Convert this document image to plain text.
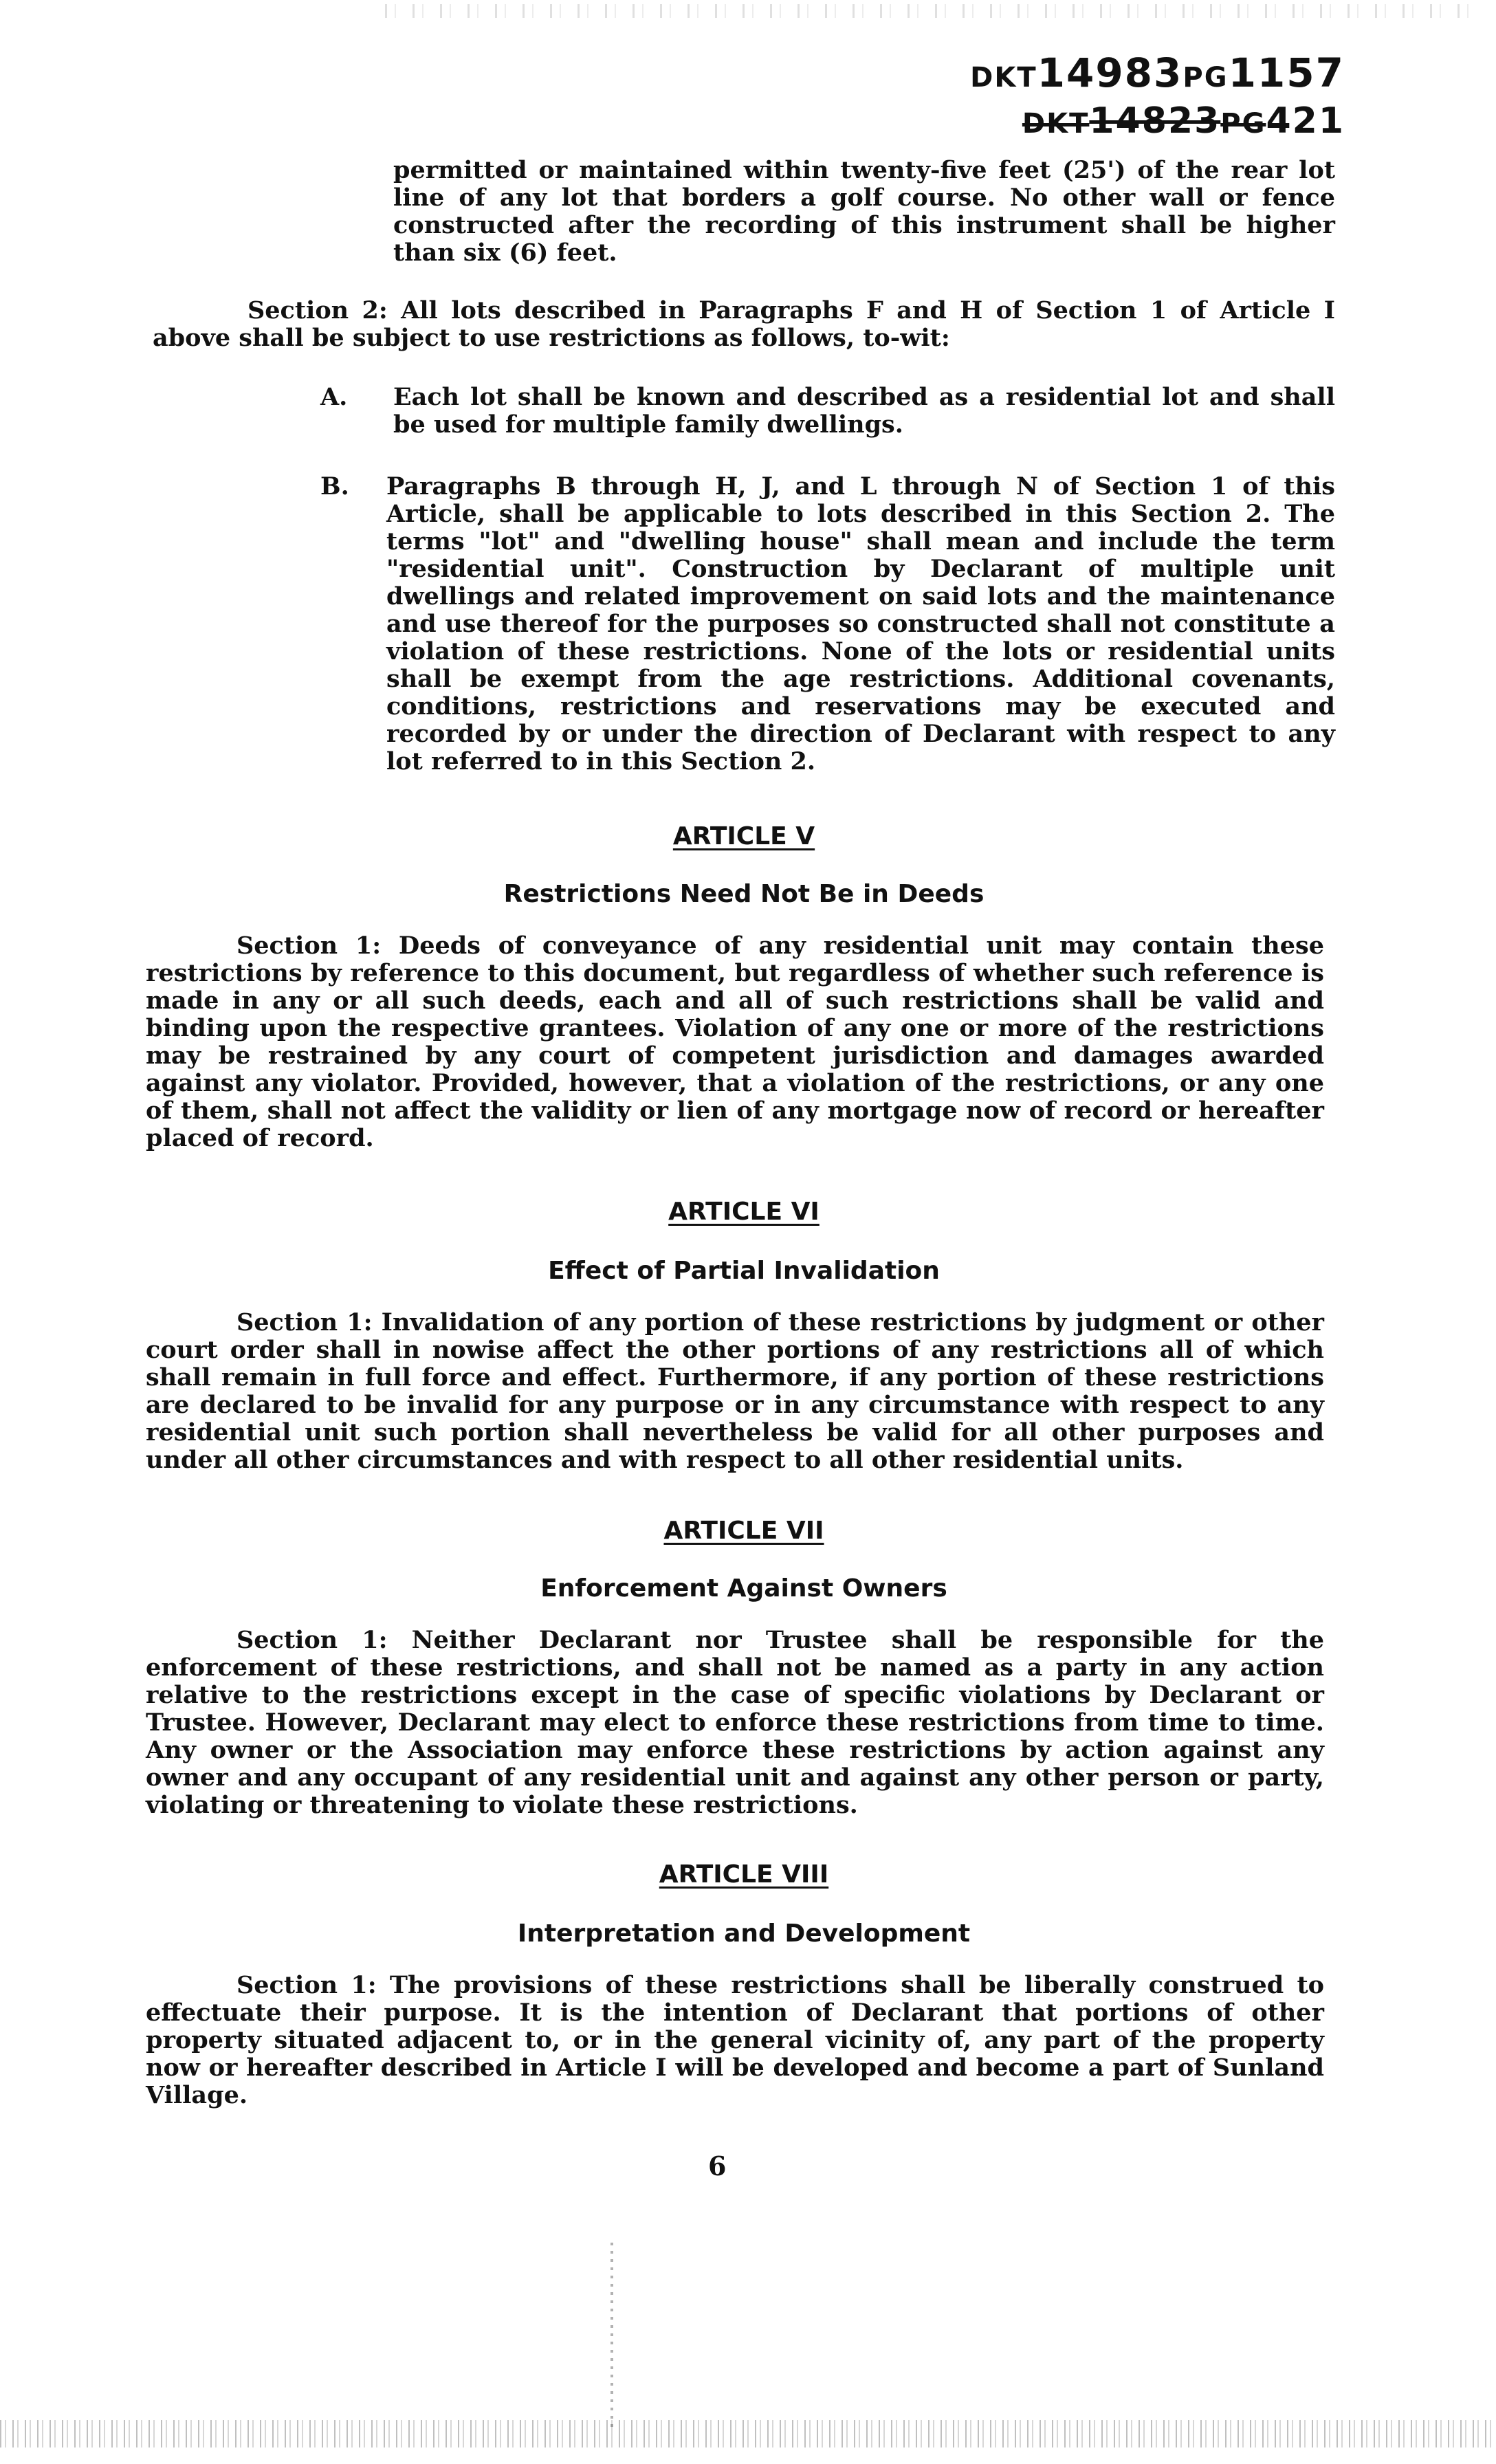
DKT14983PG1157
DKT14823PG421
permitted or maintained within twenty-five feet (25') of the rear lot line of any lot that borders a golf course. No other wall or fence constructed after the recording of this instrument shall be higher than six (6) feet.
Section 2: All lots described in Paragraphs F and H of Section 1 of Article I above shall be subject to use restrictions as follows, to-wit:
A. Each lot shall be known and described as a residential lot and shall be used for multiple family dwellings.
B. Paragraphs B through H, J, and L through N of Section 1 of this Article, shall be applicable to lots described in this Section 2. The terms "lot" and "dwelling house" shall mean and include the term "residential unit". Construction by Declarant of multiple unit dwellings and related improvement on said lots and the maintenance and use thereof for the purposes so constructed shall not constitute a violation of these restrictions. None of the lots or residential units shall be exempt from the age restrictions. Additional covenants, conditions, restrictions and reservations may be executed and recorded by or under the direction of Declarant with respect to any lot referred to in this Section 2.
ARTICLE V
Restrictions Need Not Be in Deeds
Section 1: Deeds of conveyance of any residential unit may contain these restrictions by reference to this document, but regardless of whether such reference is made in any or all such deeds, each and all of such restrictions shall be valid and binding upon the respective grantees. Violation of any one or more of the restrictions may be restrained by any court of competent jurisdiction and damages awarded against any violator. Provided, however, that a violation of the restrictions, or any one of them, shall not affect the validity or lien of any mortgage now of record or hereafter placed of record.
ARTICLE VI
Effect of Partial Invalidation
Section 1: Invalidation of any portion of these restrictions by judgment or other court order shall in nowise affect the other portions of any restrictions all of which shall remain in full force and effect. Furthermore, if any portion of these restrictions are declared to be invalid for any purpose or in any circumstance with respect to any residential unit such portion shall nevertheless be valid for all other purposes and under all other circumstances and with respect to all other residential units.
ARTICLE VII
Enforcement Against Owners
Section 1: Neither Declarant nor Trustee shall be responsible for the enforcement of these restrictions, and shall not be named as a party in any action relative to the restrictions except in the case of specific violations by Declarant or Trustee. However, Declarant may elect to enforce these restrictions from time to time. Any owner or the Association may enforce these restrictions by action against any owner and any occupant of any residential unit and against any other person or party, violating or threatening to violate these restrictions.
ARTICLE VIII
Interpretation and Development
Section 1: The provisions of these restrictions shall be liberally construed to effectuate their purpose. It is the intention of Declarant that portions of other property situated adjacent to, or in the general vicinity of, any part of the property now or hereafter described in Article I will be developed and become a part of Sunland Village.
6
